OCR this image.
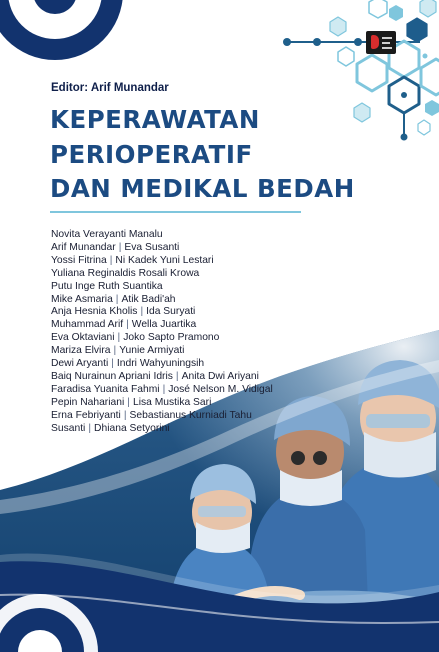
Editor: Arif Munandar
KEPERAWATAN
PERIOPERATIF
DAN MEDIKAL BEDAH
Novita Verayanti Manalu
Arif Munandar | Eva Susanti
Yossi Fitrina | Ni Kadek Yuni Lestari
Yuliana Reginaldis Rosali Krowa
Putu Inge Ruth Suantika
Mike Asmaria | Atik Badi'ah
Anja Hesnia Kholis | Ida Suryati
Muhammad Arif | Wella Juartika
Eva Oktaviani | Joko Sapto Pramono
Mariza Elvira | Yunie Armiyati
Dewi Aryanti | Indri Wahyuningsih
Baiq Nurainun Apriani Idris | Anita Dwi Ariyani
Faradisa Yuanita Fahmi | José Nelson M. Vidigal
Pepin Nahariani | Lisa Mustika Sari
Erna Febriyanti | Sebastianus Kurniadi Tahu
Susanti | Dhiana Setyorini
